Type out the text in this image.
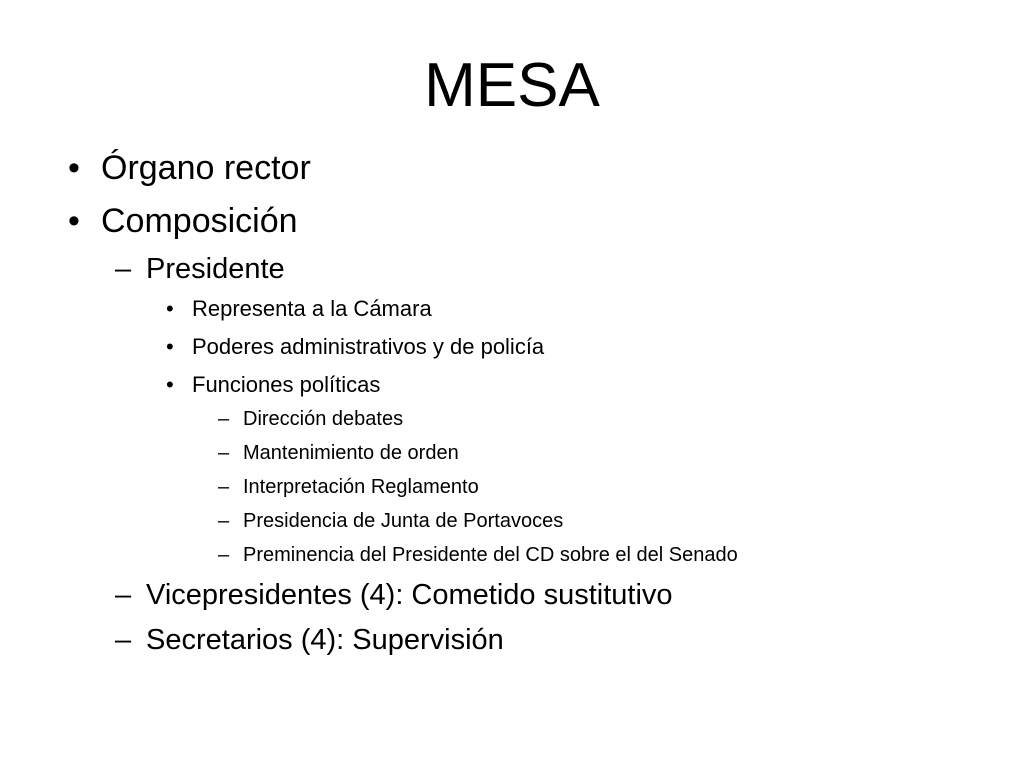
MESA
• Órgano rector
• Composición
– Presidente
• Representa a la Cámara
• Poderes administrativos y de policía
• Funciones políticas
– Dirección debates
– Mantenimiento de orden
– Interpretación Reglamento
– Presidencia de Junta de Portavoces
– Preminencia del Presidente del CD sobre el del Senado
– Vicepresidentes (4): Cometido sustitutivo
– Secretarios (4): Supervisión
